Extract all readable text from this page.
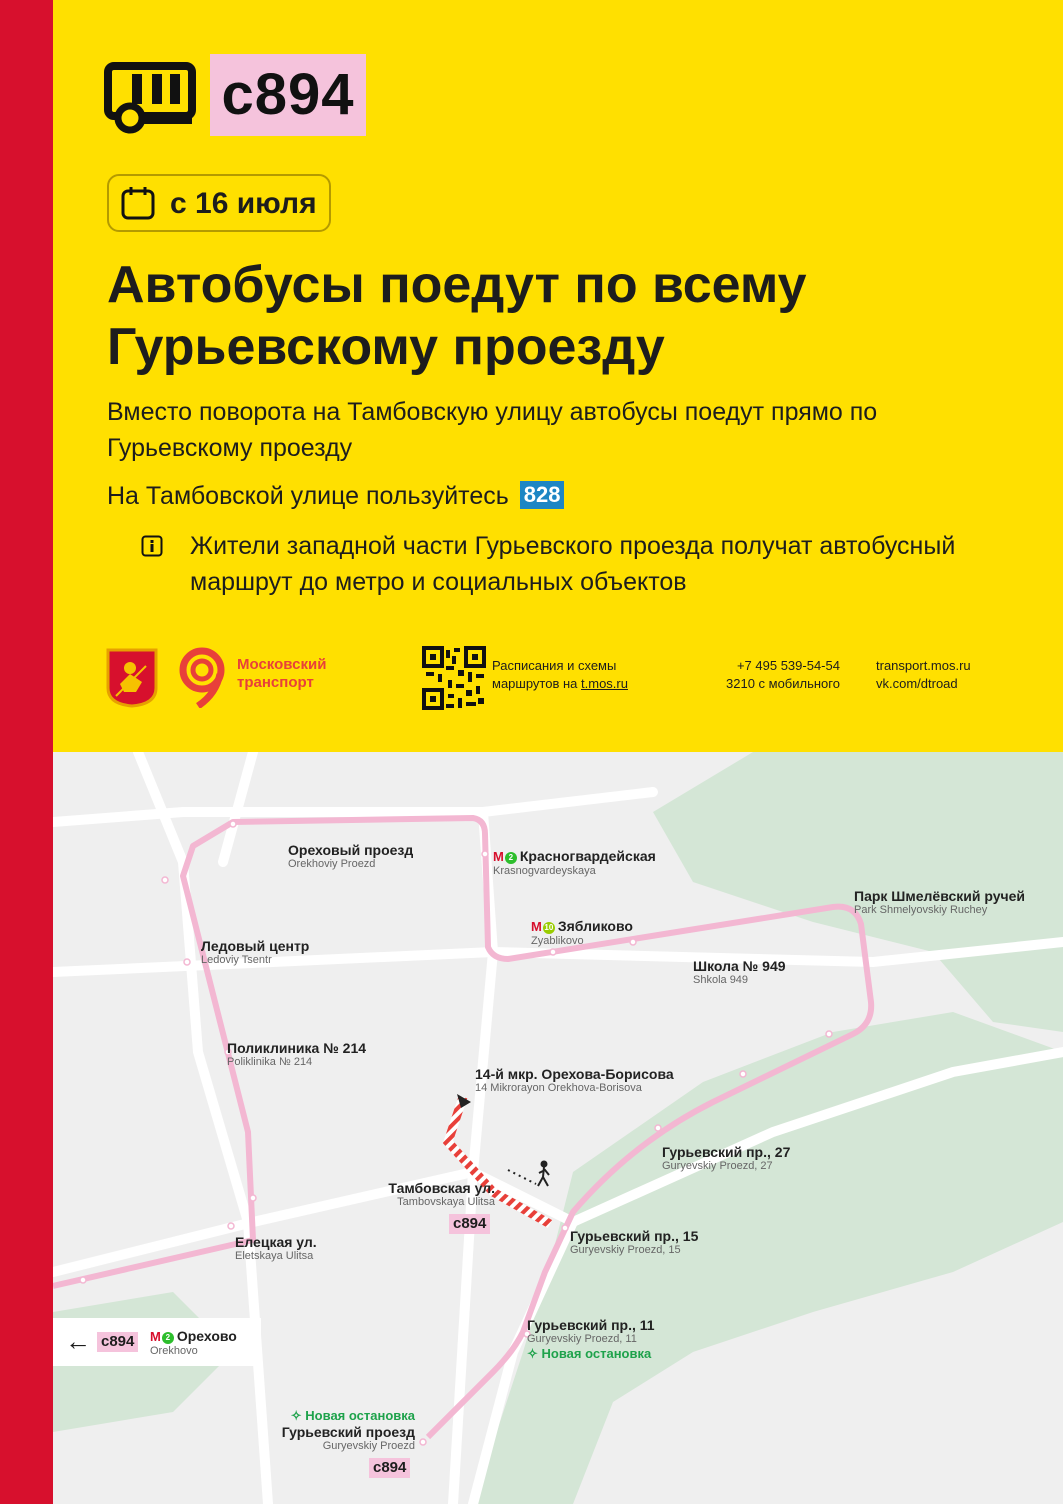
с894
с 16 июля
Автобусы поедут по всему Гурьевскому проезду
Вместо поворота на Тамбовскую улицу автобусы поедут прямо по Гурьевскому проезду
На Тамбовской улице пользуйтесь 828
Жители западной части Гурьевского проезда получат автобусный маршрут до метро и социальных объектов
Московский
транспорт
Расписания и схемы
маршрутов на t.mos.ru
+7 495 539-54-54
3210 с мобильного
transport.mos.ru
vk.com/dtroad
Ореховый проезд
Orekhoviy Proezd	M 2 Красногвардейская
Krasnogvardeyskaya
M 10 Зябликово
Zyablikovo
Парк Шмелёвский ручей
Park Shmelyovskiy Ruchey
Ледовый центр
Ledoviy Tsentr	Школа № 949
Shkola 949
Поликлиника № 214
Poliklinika № 214
14-й мкр. Орехова-Борисова
14 Mikrorayon Orekhova-Borisova
Гурьевский пр., 27
Guryevskiy Proezd, 27
Тамбовская ул.
Tambovskaya Ulitsa
с894
Гурьевский пр., 15
Guryevskiy Proezd, 15
Елецкая ул.
Eletskaya Ulitsa
Гурьевский пр., 11
Guryevskiy Proezd, 11
✧ Новая остановка
✧ Новая остановка
Гурьевский проезд
Guryevskiy Proezd
с894
← с894	M 2 Орехово
Orekhovo
